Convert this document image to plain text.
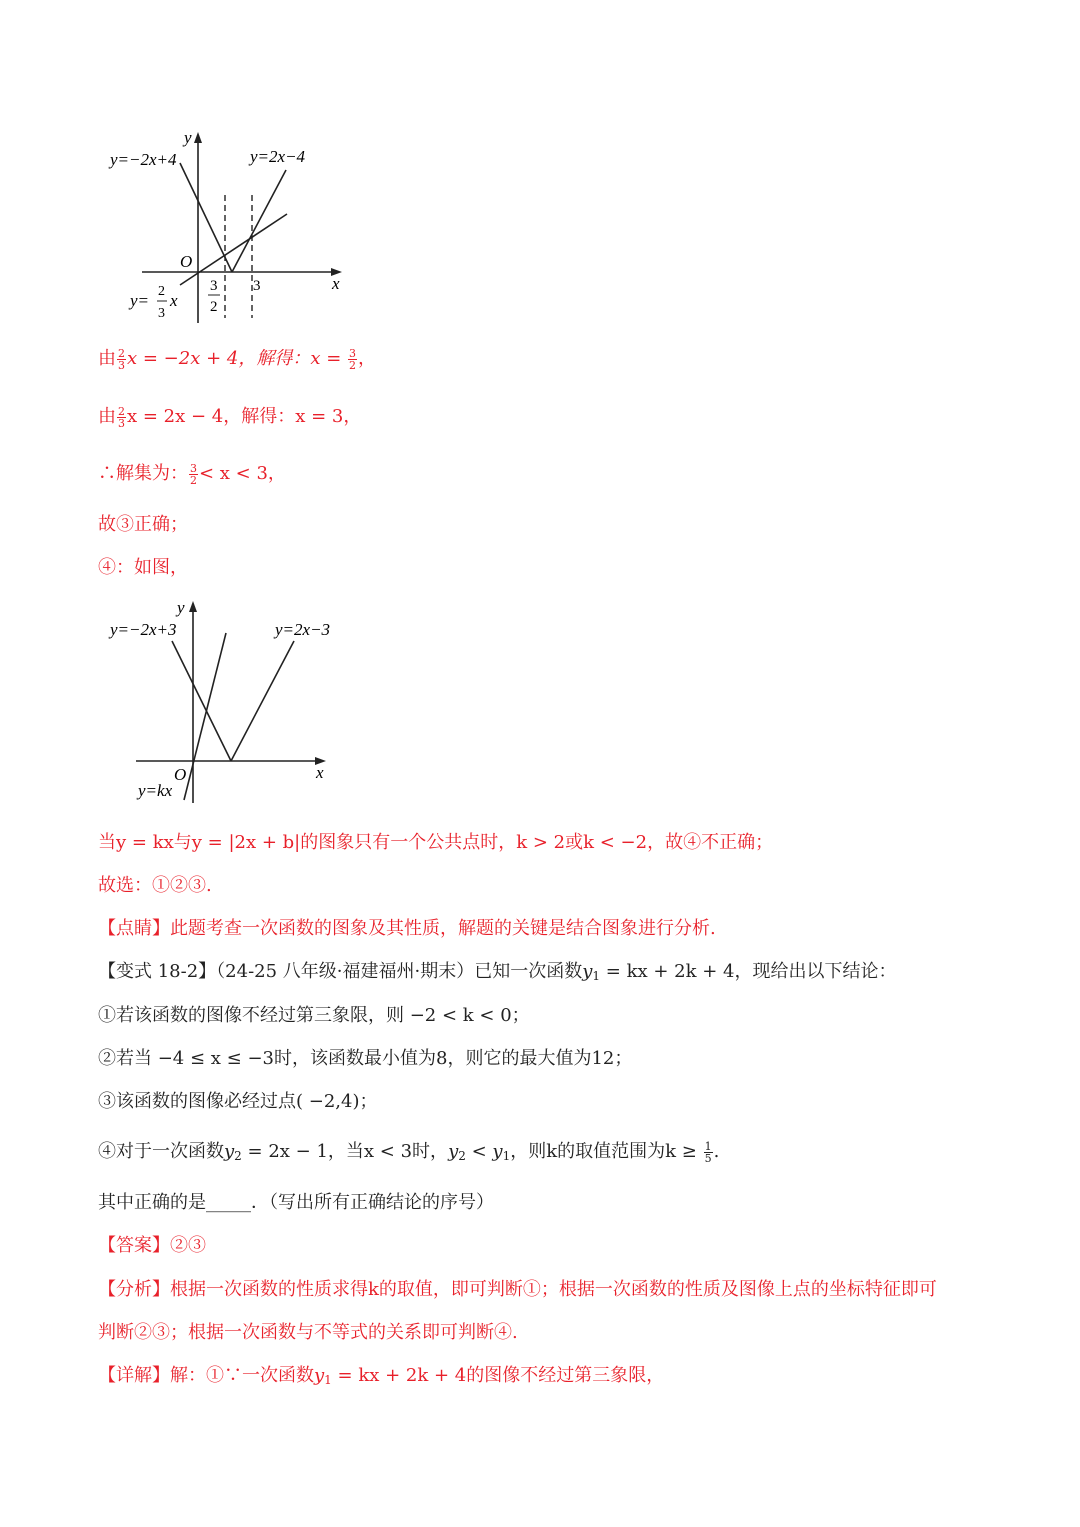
y
x
O
y=−2x+4	y=2x−4
y= 2
3
x
3
2
3
由 $\frac{2}{3}$ x = −2x + 4，解得：$x = \frac{3}{2}$ ，
由 $\frac{2}{3}$ x = 2x − 4，解得：x = 3，
∴解集为： $\frac{3}{2} < x < 3$，
故③正确；
④：如图，
y
x
O
y=−2x+3	y=2x−3
y=kx
当y = kx与y = |2x + b|的图象只有一个公共点时，k > 2或k < −2，故④不正确；
故选：①②③.
【点睛】此题考查一次函数的图象及其性质，解题的关键是结合图象进行分析.
【变式 18-2】（24-25 八年级·福建福州·期末）已知一次函数$y_1$ = kx + 2k + 4，现给出以下结论：
①若该函数的图像不经过第三象限，则 −2 < k < 0；
②若当 −4 ≤ x ≤ −3时，该函数最小值为8，则它的最大值为12；
③该函数的图像必经过点( −2,4)；
④对于一次函数$y_2 = 2x - 1$，当x < 3时，$y_2 < y_1$，则k的取值范围为$k \ge \frac{1}{5}$ .
其中正确的是_____．（写出所有正确结论的序号）
【答案】②③
【分析】根据一次函数的性质求得k的取值，即可判断①；根据一次函数的性质及图像上点的坐标特征即可
判断②③；根据一次函数与不等式的关系即可判断④.
【详解】解：①∵一次函数$y_1$ = kx + 2k + 4的图像不经过第三象限，
